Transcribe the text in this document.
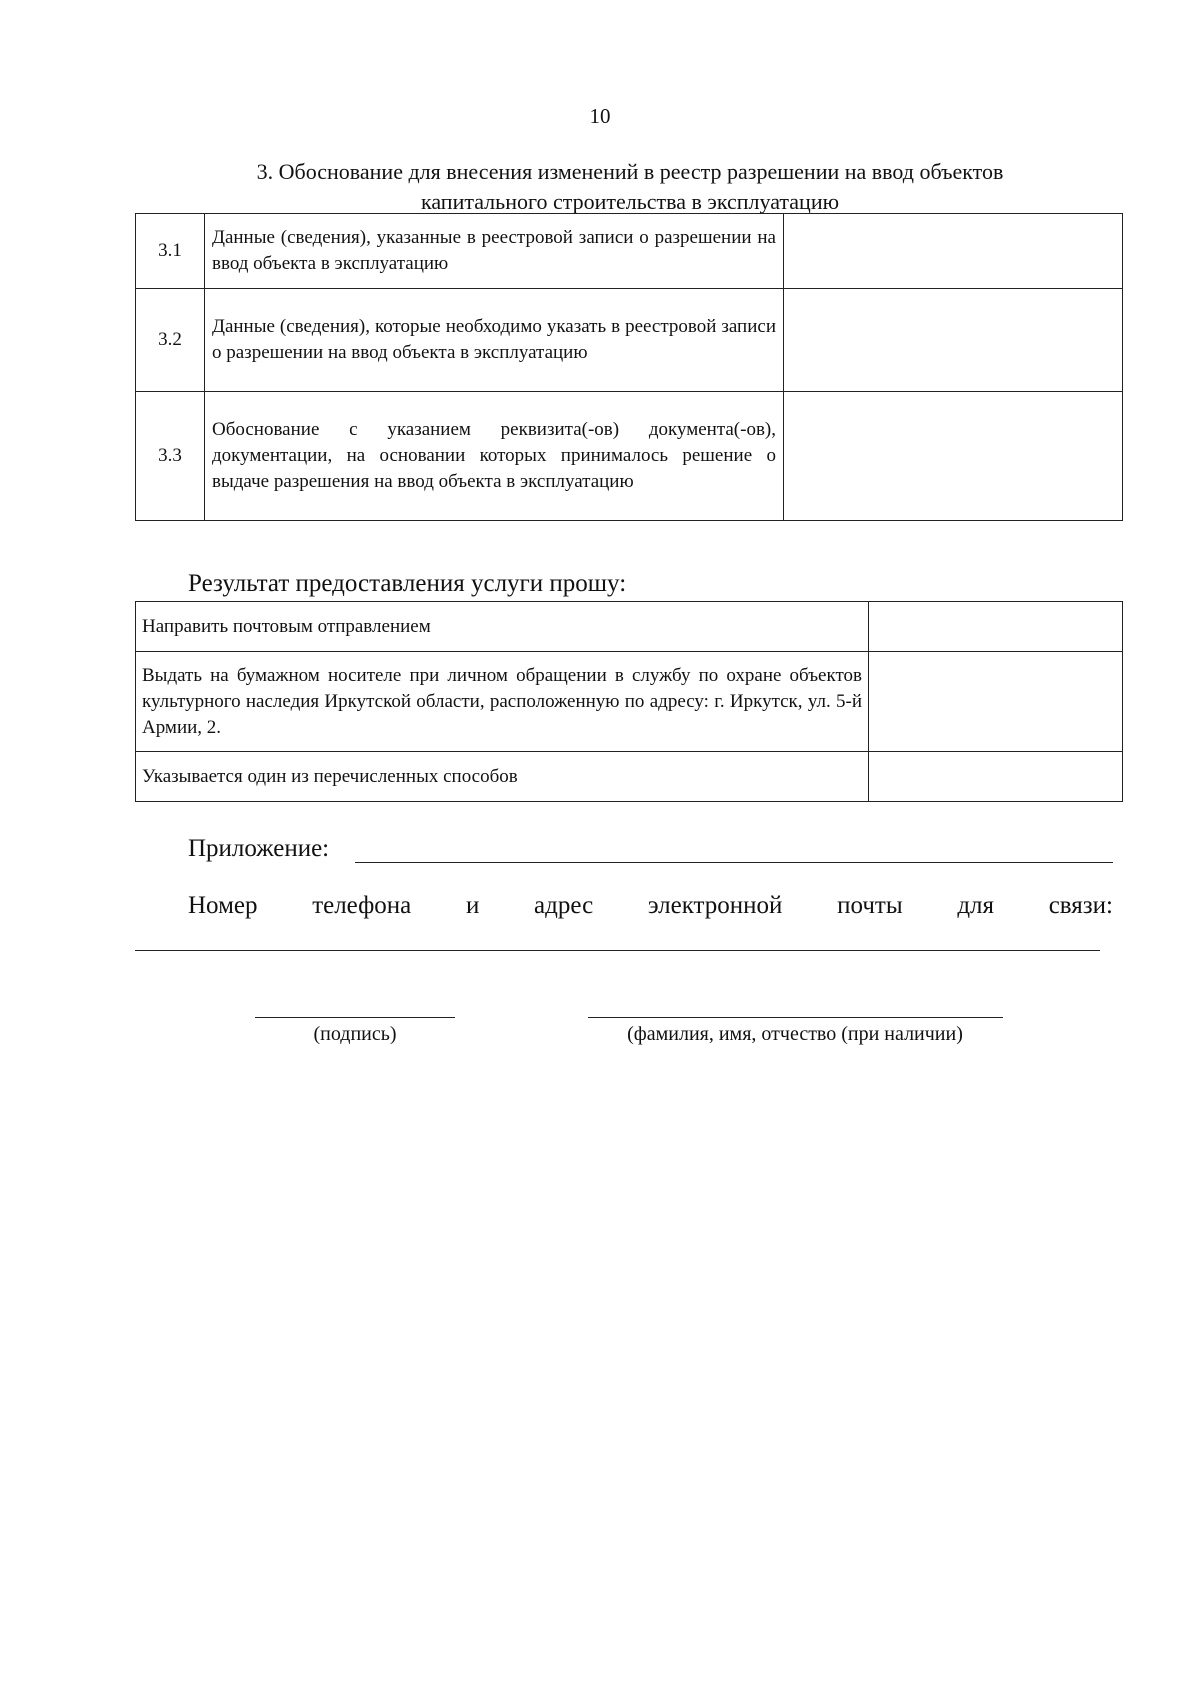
10
3. Обоснование для внесения изменений в реестр разрешении на ввод объектов
капитального строительства в эксплуатацию
3.1	Данные (сведения), указанные в реестровой записи о разрешении на ввод объекта в эксплуатацию	
3.2	Данные (сведения), которые необходимо указать в реестровой записи о разрешении на ввод объекта в эксплуатацию	
3.3	Обоснование с указанием реквизита(-ов) документа(-ов), документации, на основании которых принималось решение о выдаче разрешения на ввод объекта в эксплуатацию	
Результат предоставления услуги прошу:
Направить почтовым отправлением	
Выдать на бумажном носителе при личном обращении в службу по охране объектов культурного наследия Иркутской области, расположенную по адресу: г. Иркутск, ул. 5-й Армии, 2.	
Указывается один из перечисленных способов	
Приложение:
Номер телефона и адрес электронной почты для связи:
(подпись)	(фамилия, имя, отчество (при наличии)
